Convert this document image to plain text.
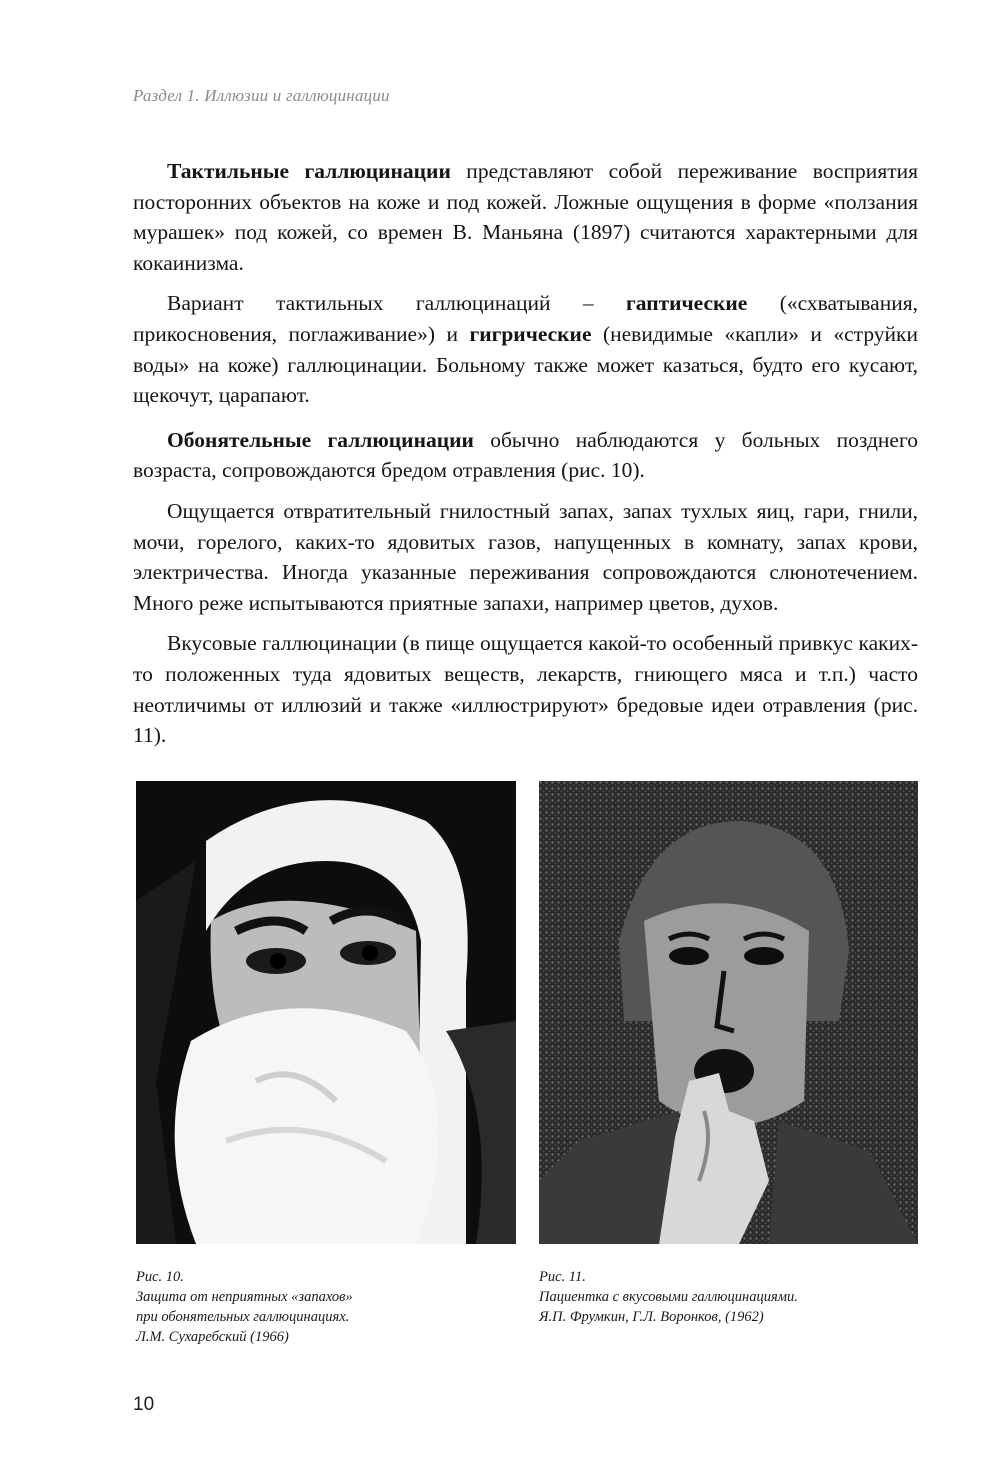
Раздел 1. Иллюзии и галлюцинации

Тактильные галлюцинации представляют собой переживание восприятия посторонних объектов на коже и под кожей. Ложные ощущения в форме «ползания мурашек» под кожей, со времен В. Маньяна (1897) считаются характерными для кокаинизма.

Вариант тактильных галлюцинаций – гаптические («схватывания, прикосновения, поглаживание») и гигрические (невидимые «капли» и «струйки воды» на коже) галлюцинации. Больному также может казаться, будто его кусают, щекочут, царапают.

Обонятельные галлюцинации обычно наблюдаются у больных позднего возраста, сопровождаются бредом отравления (рис. 10).

Ощущается отвратительный гнилостный запах, запах тухлых яиц, гари, гнили, мочи, горелого, каких-то ядовитых газов, напущенных в комнату, запах крови, электричества. Иногда указанные переживания сопровождаются слюнотечением. Много реже испытываются приятные запахи, например цветов, духов.

Вкусовые галлюцинации (в пище ощущается какой-то особенный привкус каких-то положенных туда ядовитых веществ, лекарств, гниющего мяса и т.п.) часто неотличимы от иллюзий и также «иллюстрируют» бредовые идеи отравления (рис. 11).

Рис. 10.
Защита от неприятных «запахов»
при обонятельных галлюцинациях.
Л.М. Сухаребский (1966)
Рис. 11.
Пациентка с вкусовыми галлюцинациями.
Я.П. Фрумкин, Г.Л. Воронков, (1962)
10
